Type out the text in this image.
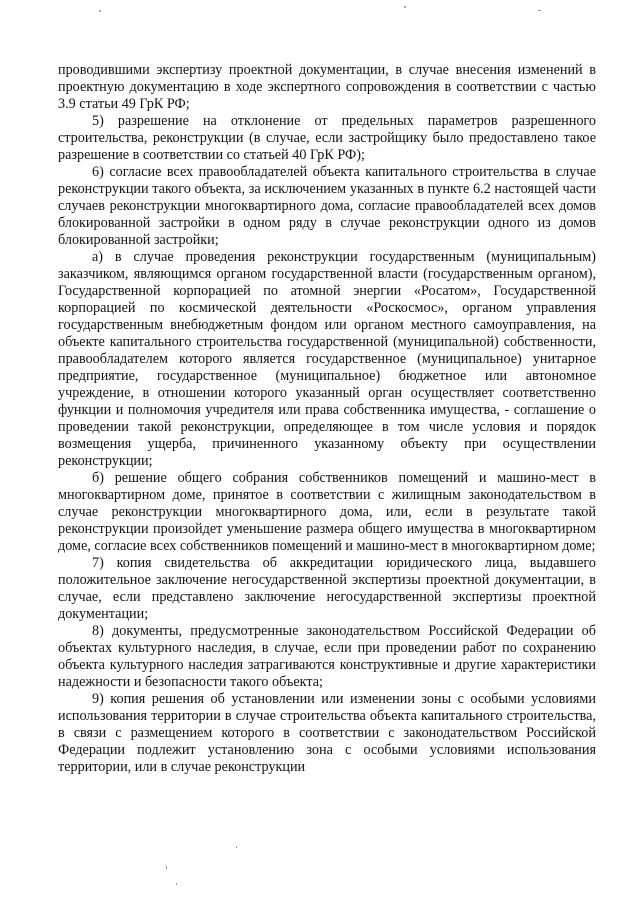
проводившими экспертизу проектной документации, в случае внесения изменений в проектную документацию в ходе экспертного сопровождения в соответствии с частью 3.9 статьи 49 ГрК РФ;

5) разрешение на отклонение от предельных параметров разрешенного строительства, реконструкции (в случае, если застройщику было предоставлено такое разрешение в соответствии со статьей 40 ГрК РФ);

6) согласие всех правообладателей объекта капитального строительства в случае реконструкции такого объекта, за исключением указанных в пункте 6.2 настоящей части случаев реконструкции многоквартирного дома, согласие правообладателей всех домов блокированной застройки в одном ряду в случае реконструкции одного из домов блокированной застройки;

а) в случае проведения реконструкции государственным (муниципальным) заказчиком, являющимся органом государственной власти (государственным органом), Государственной корпорацией по атомной энергии «Росатом», Государственной корпорацией по космической деятельности «Роскосмос», органом управления государственным внебюджетным фондом или органом местного самоуправления, на объекте капитального строительства государственной (муниципальной) собственности, правообладателем которого является государственное (муниципальное) унитарное предприятие, государственное (муниципальное) бюджетное или автономное учреждение, в отношении которого указанный орган осуществляет соответственно функции и полномочия учредителя или права собственника имущества, - соглашение о проведении такой реконструкции, определяющее в том числе условия и порядок возмещения ущерба, причиненного указанному объекту при осуществлении реконструкции;

б) решение общего собрания собственников помещений и машино-мест в многоквартирном доме, принятое в соответствии с жилищным законодательством в случае реконструкции многоквартирного дома, или, если в результате такой реконструкции произойдет уменьшение размера общего имущества в многоквартирном доме, согласие всех собственников помещений и машино-мест в многоквартирном доме;

7) копия свидетельства об аккредитации юридического лица, выдавшего положительное заключение негосударственной экспертизы проектной документации, в случае, если представлено заключение негосударственной экспертизы проектной документации;

8) документы, предусмотренные законодательством Российской Федерации об объектах культурного наследия, в случае, если при проведении работ по сохранению объекта культурного наследия затрагиваются конструктивные и другие характеристики надежности и безопасности такого объекта;

9) копия решения об установлении или изменении зоны с особыми условиями использования территории в случае строительства объекта капитального строительства, в связи с размещением которого в соответствии с законодательством Российской Федерации подлежит установлению зона с особыми условиями использования территории, или в случае реконструкции
